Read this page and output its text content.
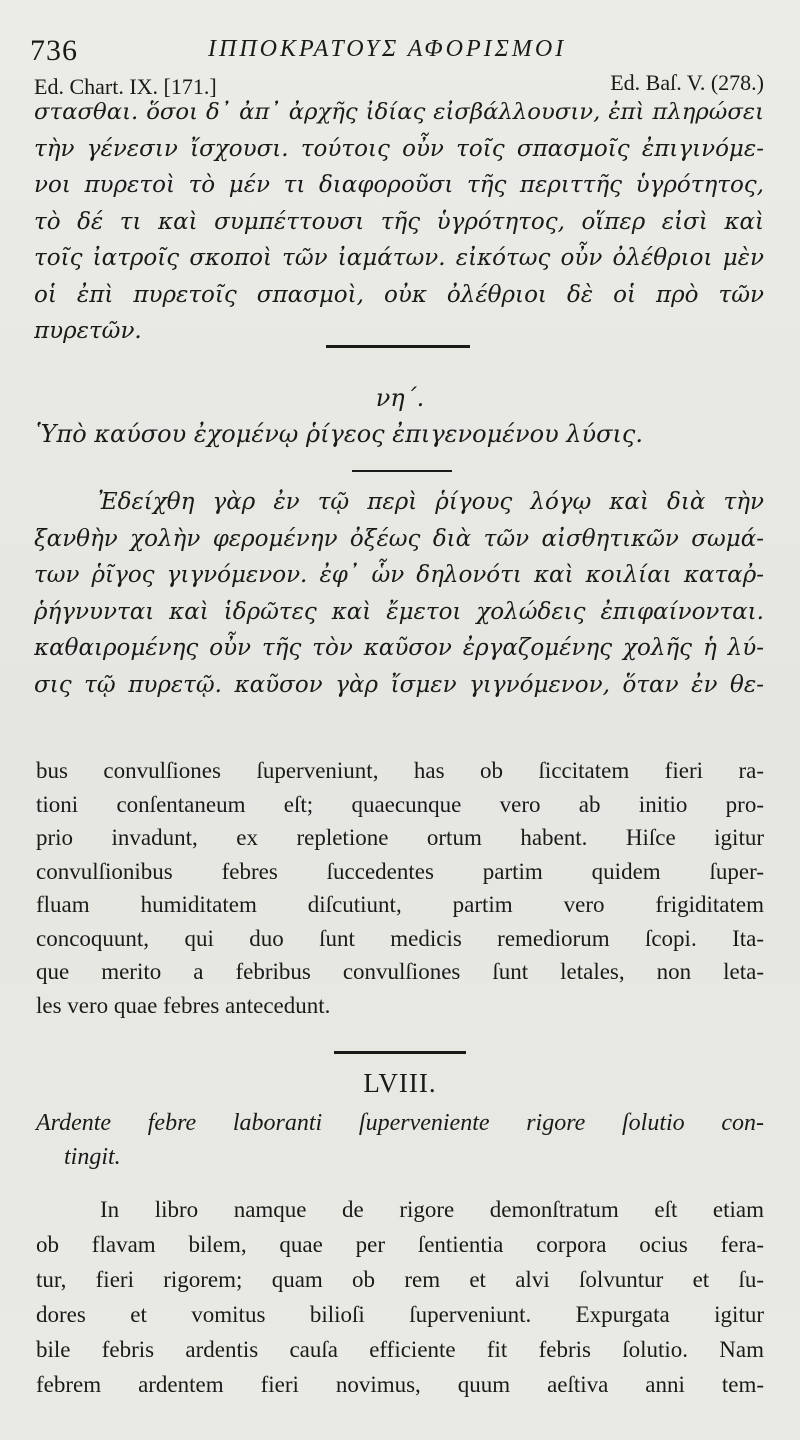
736	ΙΠΠΟΚΡΑΤΟΥΣ ΑΦΟΡΙΣΜΟΙ
Ed. Chart. IX. [171.]	Ed. Baſ. V. (278.)
στασθαι. ὅσοι δ᾽ ἀπ᾽ ἀρχῆς ἰδίας εἰσβάλλουσιν, ἐπὶ πληρώσει
τὴν γένεσιν ἴσχουσι. τούτοις οὖν τοῖς σπασμοῖς ἐπιγινόμε-
νοι πυρετοὶ τὸ μέν τι διαφοροῦσι τῆς περιττῆς ὑγρότητος,
τὸ δέ τι καὶ συμπέττουσι τῆς ὑγρότητος, οἵπερ εἰσὶ καὶ
τοῖς ἰατροῖς σκοποὶ τῶν ἰαμάτων. εἰκότως οὖν ὀλέθριοι μὲν
οἱ ἐπὶ πυρετοῖς σπασμοὶ, οὐκ ὀλέθριοι δὲ οἱ πρὸ τῶν
πυρετῶν.
νη΄.
Ὑπὸ καύσου ἐχομένῳ ῥίγεος ἐπιγενομένου λύσις.
Ἐδείχθη γὰρ ἐν τῷ περὶ ῥίγους λόγῳ καὶ διὰ τὴν
ξανθὴν χολὴν φερομένην ὀξέως διὰ τῶν αἰσθητικῶν σωμά-
των ῥῖγος γιγνόμενον. ἐφ᾽ ὧν δηλονότι καὶ κοιλίαι καταῤ-
ῥήγνυνται καὶ ἱδρῶτες καὶ ἔμετοι χολώδεις ἐπιφαίνονται.
καθαιρομένης οὖν τῆς τὸν καῦσον ἐργαζομένης χολῆς ἡ λύ-
σις τῷ πυρετῷ. καῦσον γὰρ ἴσμεν γιγνόμενον, ὅταν ἐν θε-
bus convulſiones ſuperveniunt, has ob ſiccitatem fieri ra-
tioni conſentaneum eſt; quaecunque vero ab initio pro-
prio invadunt, ex repletione ortum habent. Hiſce igitur
convulſionibus febres ſuccedentes partim quidem ſuper-
fluam humiditatem diſcutiunt, partim vero frigiditatem
concoquunt, qui duo ſunt medicis remediorum ſcopi. Ita-
que merito a febribus convulſiones ſunt letales, non leta-
les vero quae febres antecedunt.
LVIII.
Ardente febre laboranti ſuperveniente rigore ſolutio con-
tingit.
In libro namque de rigore demonſtratum eſt etiam
ob flavam bilem, quae per ſentientia corpora ocius fera-
tur, fieri rigorem; quam ob rem et alvi ſolvuntur et ſu-
dores et vomitus bilioſi ſuperveniunt. Expurgata igitur
bile febris ardentis cauſa efficiente fit febris ſolutio. Nam
febrem ardentem fieri novimus, quum aeſtiva anni tem-
